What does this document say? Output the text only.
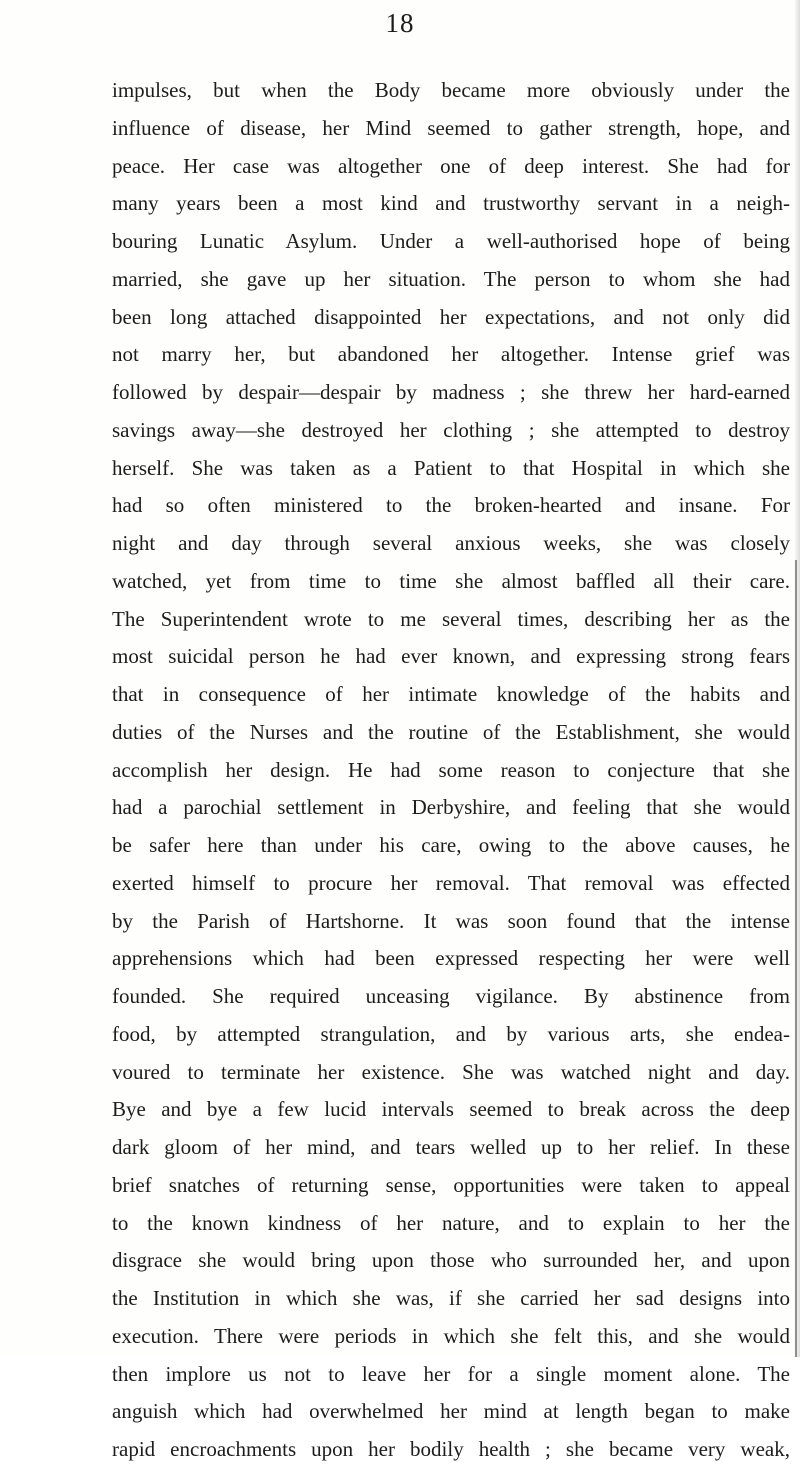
18
impulses, but when the Body became more obviously under the
influence of disease, her Mind seemed to gather strength, hope, and
peace. Her case was altogether one of deep interest. She had for
many years been a most kind and trustworthy servant in a neigh-
bouring Lunatic Asylum. Under a well-authorised hope of being
married, she gave up her situation. The person to whom she had
been long attached disappointed her expectations, and not only did
not marry her, but abandoned her altogether. Intense grief was
followed by despair—despair by madness ; she threw her hard-earned
savings away—she destroyed her clothing ; she attempted to destroy
herself. She was taken as a Patient to that Hospital in which she
had so often ministered to the broken-hearted and insane. For
night and day through several anxious weeks, she was closely
watched, yet from time to time she almost baffled all their care.
The Superintendent wrote to me several times, describing her as the
most suicidal person he had ever known, and expressing strong fears
that in consequence of her intimate knowledge of the habits and
duties of the Nurses and the routine of the Establishment, she would
accomplish her design. He had some reason to conjecture that she
had a parochial settlement in Derbyshire, and feeling that she would
be safer here than under his care, owing to the above causes, he
exerted himself to procure her removal. That removal was effected
by the Parish of Hartshorne. It was soon found that the intense
apprehensions which had been expressed respecting her were well
founded. She required unceasing vigilance. By abstinence from
food, by attempted strangulation, and by various arts, she endea-
voured to terminate her existence. She was watched night and day.
Bye and bye a few lucid intervals seemed to break across the deep
dark gloom of her mind, and tears welled up to her relief. In these
brief snatches of returning sense, opportunities were taken to appeal
to the known kindness of her nature, and to explain to her the
disgrace she would bring upon those who surrounded her, and upon
the Institution in which she was, if she carried her sad designs into
execution. There were periods in which she felt this, and she would
then implore us not to leave her for a single moment alone. The
anguish which had overwhelmed her mind at length began to make
rapid encroachments upon her bodily health ; she became very weak,
